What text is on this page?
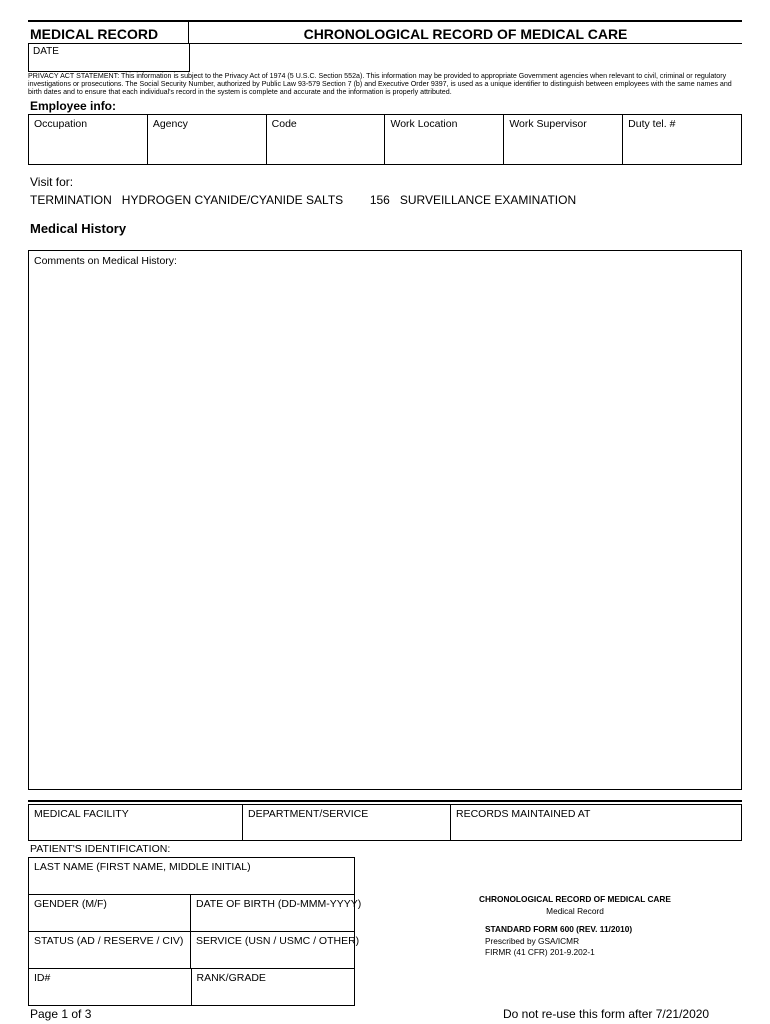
MEDICAL RECORD	CHRONOLOGICAL RECORD OF MEDICAL CARE
DATE
PRIVACY ACT STATEMENT: This information is subject to the Privacy Act of 1974 (5 U.S.C. Section 552a). This information may be provided to appropriate Government agencies when relevant to civil, criminal or regulatory investigations or prosecutions. The Social Security Number, authorized by Public Law 93-579 Section 7 (b) and Executive Order 9397, is used as a unique identifier to distinguish between employees with the same names and birth dates and to ensure that each individual's record in the system is complete and accurate and the information is properly attributed.
Employee info:
Occupation	Agency	Code	Work Location	Work Supervisor	Duty tel. #
Visit for:
TERMINATION   HYDROGEN CYANIDE/CYANIDE SALTS        156   SURVEILLANCE EXAMINATION
Medical History
Comments on Medical History:
MEDICAL FACILITY	DEPARTMENT/SERVICE	RECORDS MAINTAINED AT
PATIENT'S IDENTIFICATION:
LAST NAME (FIRST NAME, MIDDLE INITIAL)
GENDER (M/F)	DATE OF BIRTH (DD-MMM-YYYY)
STATUS (AD / RESERVE / CIV)	SERVICE (USN / USMC / OTHER)
ID#	RANK/GRADE
CHRONOLOGICAL RECORD OF MEDICAL CARE
Medical Record
STANDARD FORM 600 (REV. 11/2010)
Prescribed by GSA/ICMR
FIRMR (41 CFR) 201-9.202-1
Page 1 of 3	Do not re-use this form after 7/21/2020
